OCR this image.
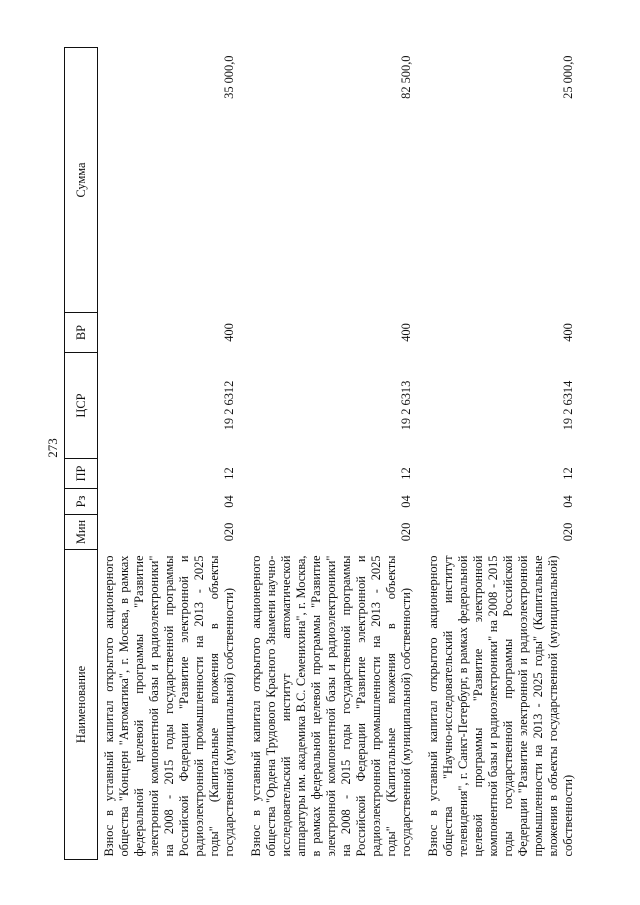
273
Наименование	Мин	Рз	ПР	ЦСР	ВР	Сумма
Взнос в уставный капитал открытого акционерного общества "Концерн "Автоматика", г. Москва, в рамках федеральной целевой программы "Развитие электронной компонентной базы и радиоэлектроники" на 2008 - 2015 годы государственной программы Российской Федерации "Развитие электронной и радиоэлектронной промышленности на 2013 - 2025 годы" (Капитальные вложения в объекты государственной (муниципальной) собственности)	020	04	12	19 2 6312	400	35 000,0
Взнос в уставный капитал открытого акционерного общества "Ордена Трудового Красного Знамени научно-исследовательский институт автоматической аппаратуры им. академика В.С. Семенихина", г. Москва, в рамках федеральной целевой программы "Развитие электронной компонентной базы и радиоэлектроники" на 2008 - 2015 годы государственной программы Российской Федерации "Развитие электронной и радиоэлектронной промышленности на 2013 - 2025 годы" (Капитальные вложения в объекты государственной (муниципальной) собственности)	020	04	12	19 2 6313	400	82 500,0
Взнос в уставный капитал открытого акционерного общества "Научно-исследовательский институт телевидения", г. Санкт-Петербург, в рамках федеральной целевой программы "Развитие электронной компонентной базы и радиоэлектроники" на 2008 - 2015 годы государственной программы Российской Федерации "Развитие электронной и радиоэлектронной промышленности на 2013 - 2025 годы" (Капитальные вложения в объекты государственной (муниципальной) собственности)	020	04	12	19 2 6314	400	25 000,0
